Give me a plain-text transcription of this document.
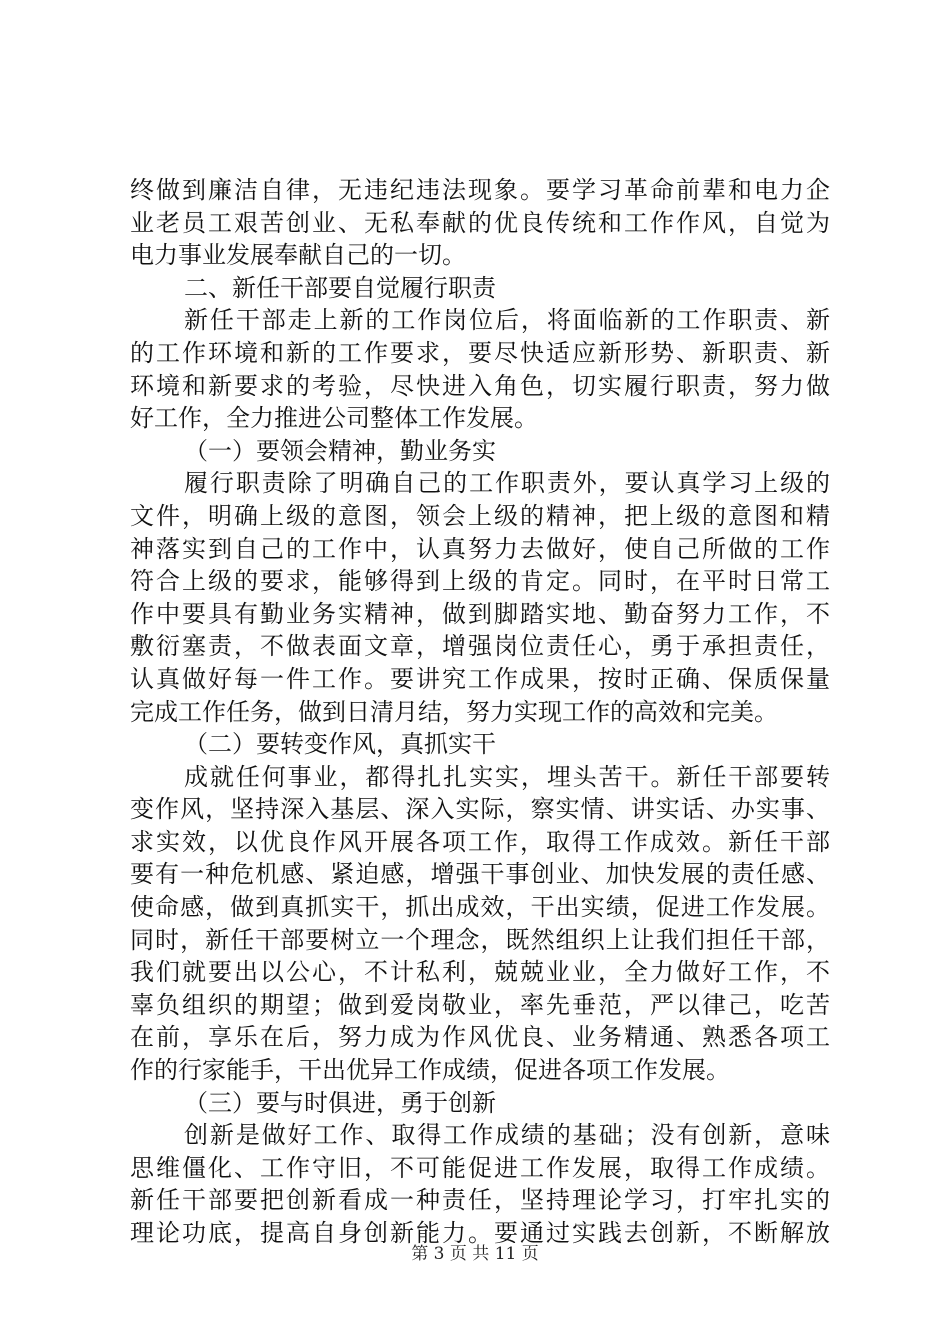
终做到廉洁自律，无违纪违法现象。要学习革命前辈和电力企
业老员工艰苦创业、无私奉献的优良传统和工作作风，自觉为
电力事业发展奉献自己的一切。
二、新任干部要自觉履行职责
新任干部走上新的工作岗位后，将面临新的工作职责、新
的工作环境和新的工作要求，要尽快适应新形势、新职责、新
环境和新要求的考验，尽快进入角色，切实履行职责，努力做
好工作，全力推进公司整体工作发展。
（一）要领会精神，勤业务实
履行职责除了明确自己的工作职责外，要认真学习上级的
文件，明确上级的意图，领会上级的精神，把上级的意图和精
神落实到自己的工作中，认真努力去做好，使自己所做的工作
符合上级的要求，能够得到上级的肯定。同时，在平时日常工
作中要具有勤业务实精神，做到脚踏实地、勤奋努力工作，不
敷衍塞责，不做表面文章，增强岗位责任心，勇于承担责任，
认真做好每一件工作。要讲究工作成果，按时正确、保质保量
完成工作任务，做到日清月结，努力实现工作的高效和完美。
（二）要转变作风，真抓实干
成就任何事业，都得扎扎实实，埋头苦干。新任干部要转
变作风，坚持深入基层、深入实际，察实情、讲实话、办实事、
求实效，以优良作风开展各项工作，取得工作成效。新任干部
要有一种危机感、紧迫感，增强干事创业、加快发展的责任感、
使命感，做到真抓实干，抓出成效，干出实绩，促进工作发展。
同时，新任干部要树立一个理念，既然组织上让我们担任干部，
我们就要出以公心，不计私利，兢兢业业，全力做好工作，不
辜负组织的期望；做到爱岗敬业，率先垂范，严以律己，吃苦
在前，享乐在后，努力成为作风优良、业务精通、熟悉各项工
作的行家能手，干出优异工作成绩，促进各项工作发展。
（三）要与时俱进，勇于创新
创新是做好工作、取得工作成绩的基础；没有创新，意味
思维僵化、工作守旧，不可能促进工作发展，取得工作成绩。
新任干部要把创新看成一种责任，坚持理论学习，打牢扎实的
理论功底，提高自身创新能力。要通过实践去创新，不断解放
第 3 页 共 11 页
